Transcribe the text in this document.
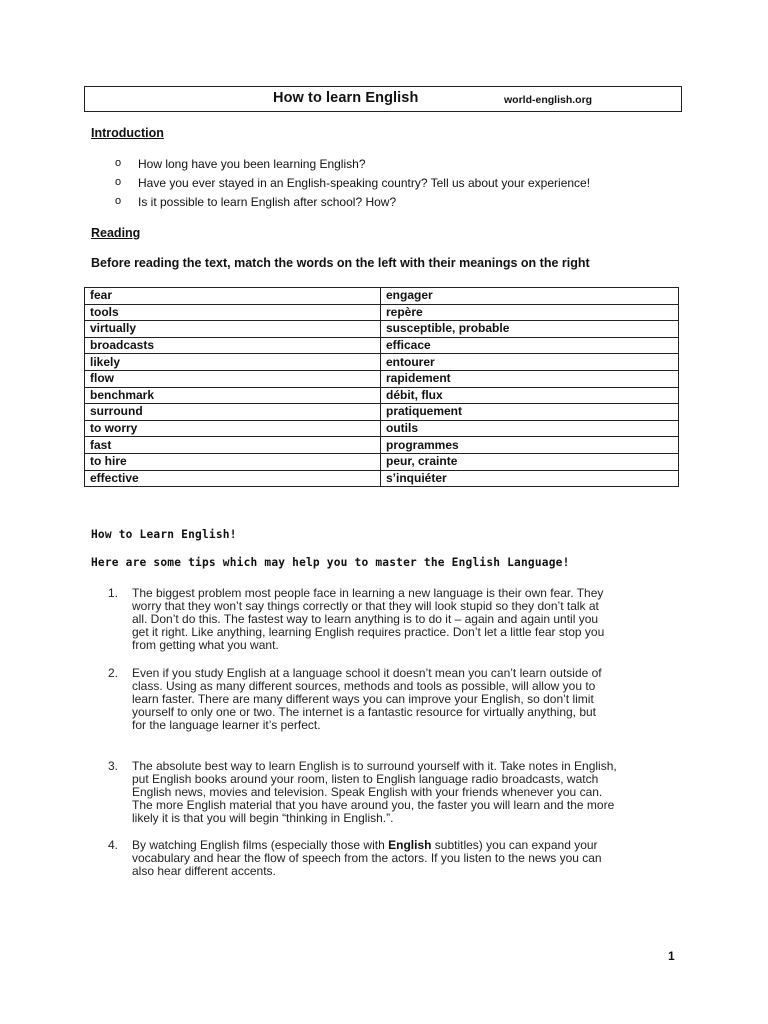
How to learn English	world-english.org
Introduction
o How long have you been learning English?
o Have you ever stayed in an English-speaking country? Tell us about your experience!
o Is it possible to learn English after school? How?
Reading
Before reading the text, match the words on the left with their meanings on the right
fear	engager
tools	repère
virtually	susceptible, probable
broadcasts	efficace
likely	entourer
flow	rapidement
benchmark	débit, flux
surround	pratiquement
to worry	outils
fast	programmes
to hire	peur, crainte
effective	s’inquiéter
How to Learn English!
Here are some tips which may help you to master the English Language!
1. The biggest problem most people face in learning a new language is their own fear. They
worry that they won’t say things correctly or that they will look stupid so they don’t talk at
all. Don’t do this. The fastest way to learn anything is to do it – again and again until you
get it right. Like anything, learning English requires practice. Don’t let a little fear stop you
from getting what you want.
2. Even if you study English at a language school it doesn’t mean you can’t learn outside of
class. Using as many different sources, methods and tools as possible, will allow you to
learn faster. There are many different ways you can improve your English, so don’t limit
yourself to only one or two. The internet is a fantastic resource for virtually anything, but
for the language learner it’s perfect.
3. The absolute best way to learn English is to surround yourself with it. Take notes in English,
put English books around your room, listen to English language radio broadcasts, watch
English news, movies and television. Speak English with your friends whenever you can.
The more English material that you have around you, the faster you will learn and the more
likely it is that you will begin “thinking in English.”.
4. By watching English films (especially those with English subtitles) you can expand your
vocabulary and hear the flow of speech from the actors. If you listen to the news you can
also hear different accents.
1
